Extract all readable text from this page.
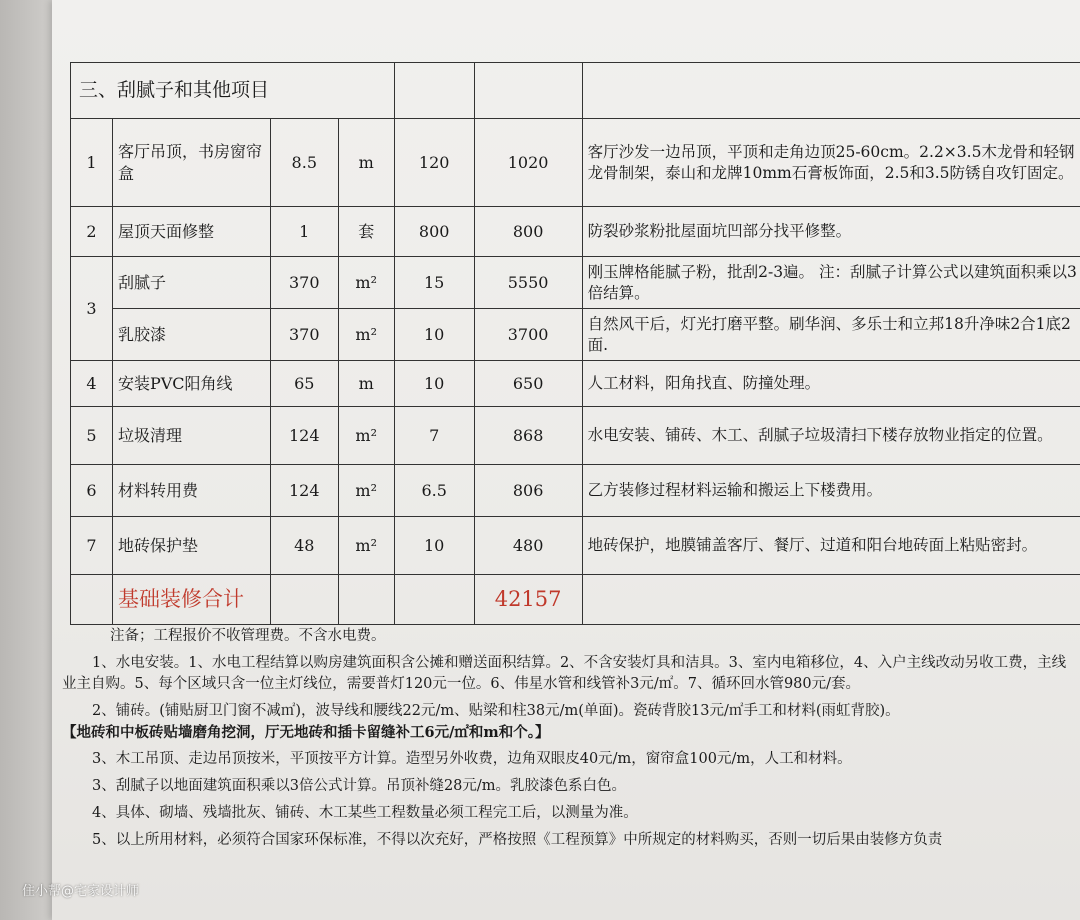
三、刮腻子和其他项目						
1	客厅吊顶，书房窗帘盒	8.5	m	120	1020	客厅沙发一边吊顶，平顶和走角边顶25-60cm。2.2×3.5木龙骨和轻钢龙骨制架，泰山和龙牌10mm石膏板饰面，2.5和3.5防锈自攻钉固定。
2	屋顶天面修整	1	套	800	800	防裂砂浆粉批屋面坑凹部分找平修整。
3	刮腻子	370	m²	15	5550	刚玉牌格能腻子粉，批刮2-3遍。 注：刮腻子计算公式以建筑面积乘以3倍结算。
	乳胶漆	370	m²	10	3700	自然风干后，灯光打磨平整。刷华润、多乐士和立邦18升净味2合1底2面.
4	安装PVC阳角线	65	m	10	650	人工材料，阳角找直、防撞处理。
5	垃圾清理	124	m²	7	868	水电安装、铺砖、木工、刮腻子垃圾清扫下楼存放物业指定的位置。
6	材料转用费	124	m²	6.5	806	乙方装修过程材料运输和搬运上下楼费用。
7	地砖保护垫	48	m²	10	480	地砖保护，地膜铺盖客厅、餐厅、过道和阳台地砖面上粘贴密封。
	基础装修合计				42157	

注备；工程报价不收管理费。不含水电费。

1、水电安装。1、水电工程结算以购房建筑面积含公摊和赠送面积结算。2、不含安装灯具和洁具。3、室内电箱移位，4、入户主线改动另收工费，主线业主自购。5、每个区域只含一位主灯线位，需要普灯120元一位。6、伟星水管和线管补3元/㎡。7、循环回水管980元/套。

2、铺砖。(铺贴厨卫门窗不减㎡)，波导线和腰线22元/m、贴梁和柱38元/m(单面)。瓷砖背胶13元/㎡手工和材料(雨虹背胶)。

【地砖和中板砖贴墙磨角挖洞，厅无地砖和插卡留缝补工6元/㎡和m和个。】

3、木工吊顶、走边吊顶按米，平顶按平方计算。造型另外收费，边角双眼皮40元/m，窗帘盒100元/m，人工和材料。

3、刮腻子以地面建筑面积乘以3倍公式计算。吊顶补缝28元/m。乳胶漆色系白色。

4、具体、砌墙、残墙批灰、铺砖、木工某些工程数量必须工程完工后，以测量为准。

5、以上所用材料，必须符合国家环保标准，不得以次充好，严格按照《工程预算》中所规定的材料购买，否则一切后果由装修方负责

住小帮@宅家设计师
